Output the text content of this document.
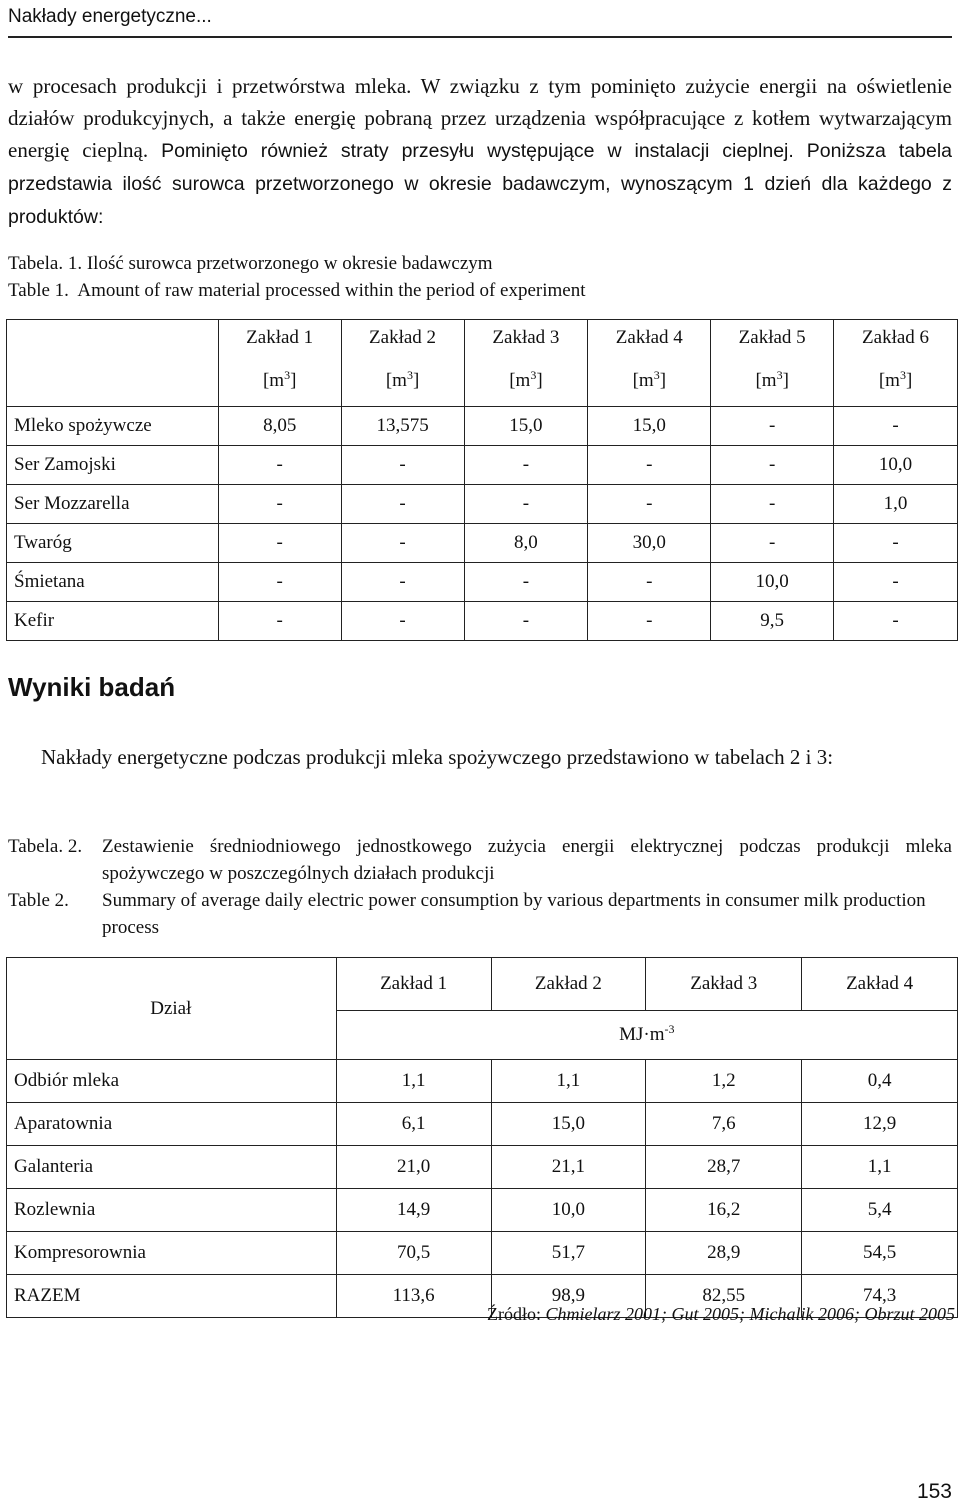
Nakłady energetyczne...
w procesach produkcji i przetwórstwa mleka. W związku z tym pominięto zużycie energii na oświetlenie działów produkcyjnych, a także energię pobraną przez urządzenia współpracujące z kotłem wytwarzającym energię cieplną. Pominięto również straty przesyłu występujące w instalacji cieplnej. Poniższa tabela przedstawia ilość surowca przetworzonego w okresie badawczym, wynoszącym 1 dzień dla każdego z produktów:
Tabela. 1. Ilość surowca przetworzonego w okresie badawczym
Table 1. Amount of raw material processed within the period of experiment
	Zakład 1	Zakład 2	Zakład 3	Zakład 4	Zakład 5	Zakład 6
	$[m^3]$	$[m^3]$	$[m^3]$	$[m^3]$	$[m^3]$	$[m^3]$
Mleko spożywcze	8,05	13,575	15,0	15,0	-	-
Ser Zamojski	-	-	-	-	-	10,0
Ser Mozzarella	-	-	-	-	-	1,0
Twaróg	-	-	8,0	30,0	-	-
Śmietana	-	-	-	-	10,0	-
Kefir	-	-	-	-	9,5	-
Wyniki badań
Nakłady energetyczne podczas produkcji mleka spożywczego przedstawiono w tabelach 2 i 3:
Tabela. 2.	Zestawienie średniodniowego jednostkowego zużycia energii elektrycznej podczas produkcji mleka spożywczego w poszczególnych działach produkcji
Table 2.	Summary of average daily electric power consumption by various departments in consumer milk production process
Dział	Zakład 1	Zakład 2	Zakład 3	Zakład 4
	$MJ\cdot m^{-3}$
Odbiór mleka	1,1	1,1	1,2	0,4
Aparatownia	6,1	15,0	7,6	12,9
Galanteria	21,0	21,1	28,7	1,1
Rozlewnia	14,9	10,0	16,2	5,4
Kompresorownia	70,5	51,7	28,9	54,5
RAZEM	113,6	98,9	82,55	74,3
Źródło: Chmielarz 2001; Gut 2005; Michalik 2006; Obrzut 2005
153
